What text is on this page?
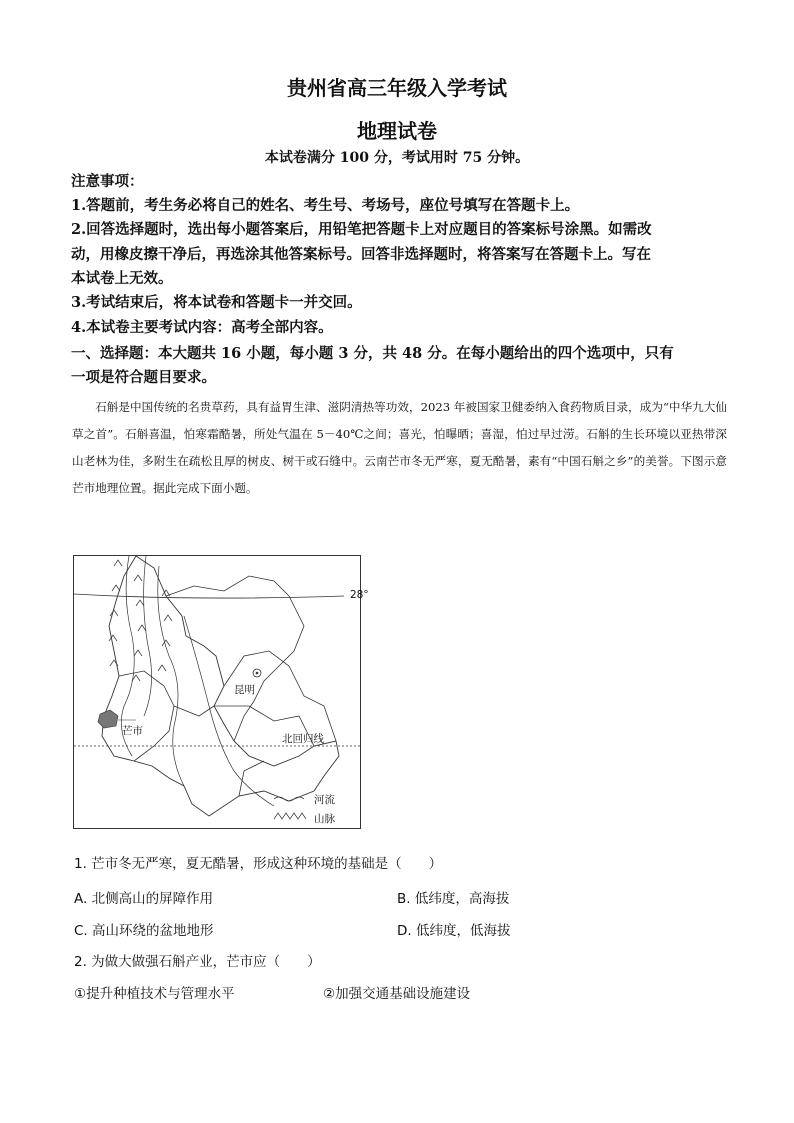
贵州省高三年级入学考试
地理试卷
本试卷满分 100 分，考试用时 75 分钟。
注意事项：
1.答题前，考生务必将自己的姓名、考生号、考场号，座位号填写在答题卡上。
2.回答选择题时，选出每小题答案后，用铅笔把答题卡上对应题目的答案标号涂黑。如需改
动，用橡皮擦干净后，再选涂其他答案标号。回答非选择题时，将答案写在答题卡上。写在
本试卷上无效。
3.考试结束后，将本试卷和答题卡一并交回。
4.本试卷主要考试内容：高考全部内容。
一、选择题：本大题共 16 小题，每小题 3 分，共 48 分。在每小题给出的四个选项中，只有
一项是符合题目要求。

石斛是中国传统的名贵草药，具有益胃生津、滋阴清热等功效，2023 年被国家卫健委纳入食药物质目录，成为“中华九大仙草之首”。石斛喜温，怕寒霜酷暑，所处气温在 5－40℃之间；喜光，怕曝晒；喜湿，怕过早过涝。石斛的生长环境以亚热带深山老林为佳，多附生在疏松且厚的树皮、树干或石缝中。云南芒市冬无严寒，夏无酷暑，素有“中国石斛之乡”的美誉。下图示意芒市地理位置。据此完成下面小题。

28°
昆明
芒市
北回归线
河流
山脉
1. 芒市冬无严寒，夏无酷暑，形成这种环境的基础是（　　）
A. 北侧高山的屏障作用	B. 低纬度，高海拔
C. 高山环绕的盆地地形	D. 低纬度，低海拔
2. 为做大做强石斛产业，芒市应（　　）
①提升种植技术与管理水平	②加强交通基础设施建设
